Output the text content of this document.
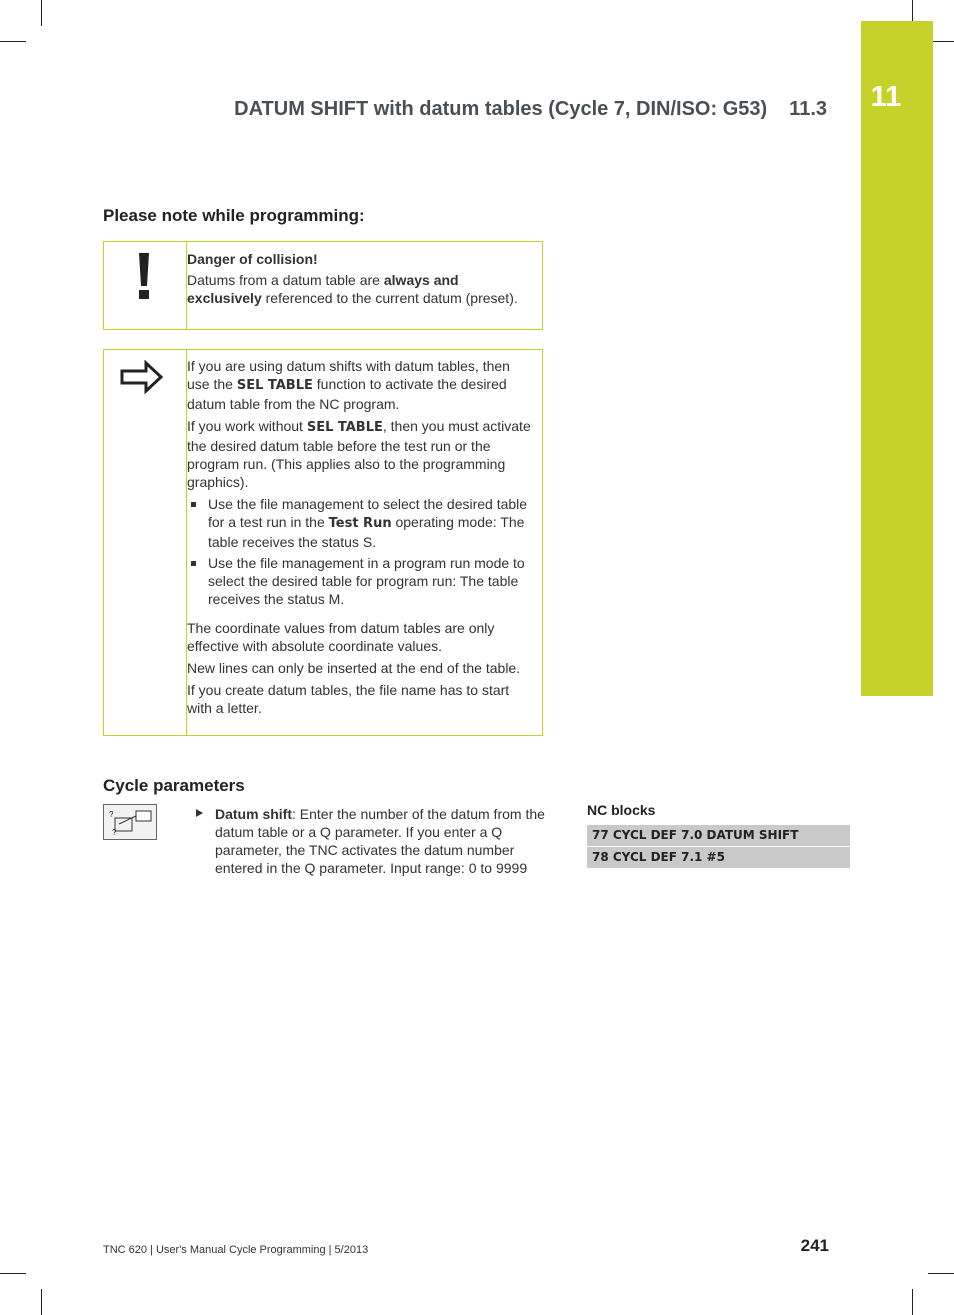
11
DATUM SHIFT with datum tables (Cycle 7, DIN/ISO: G53) 11.3
Please note while programming:

Danger of collision!

Datums from a datum table are always and exclusively referenced to the current datum (preset).

If you are using datum shifts with datum tables, then use the SEL TABLE function to activate the desired datum table from the NC program.

If you work without SEL TABLE, then you must activate the desired datum table before the test run or the program run. (This applies also to the programming graphics).

Use the file management to select the desired table for a test run in the Test Run operating mode: The table receives the status S.
Use the file management in a program run mode to select the desired table for program run: The table receives the status M.

The coordinate values from datum tables are only effective with absolute coordinate values.

New lines can only be inserted at the end of the table.

If you create datum tables, the file name has to start with a letter.

Cycle parameters
?
?
Datum shift: Enter the number of the datum from the datum table or a Q parameter. If you enter a Q parameter, the TNC activates the datum number entered in the Q parameter. Input range: 0 to 9999
NC blocks
77 CYCL DEF 7.0 DATUM SHIFT
78 CYCL DEF 7.1 #5
TNC 620 | User's Manual Cycle Programming | 5/2013	241
